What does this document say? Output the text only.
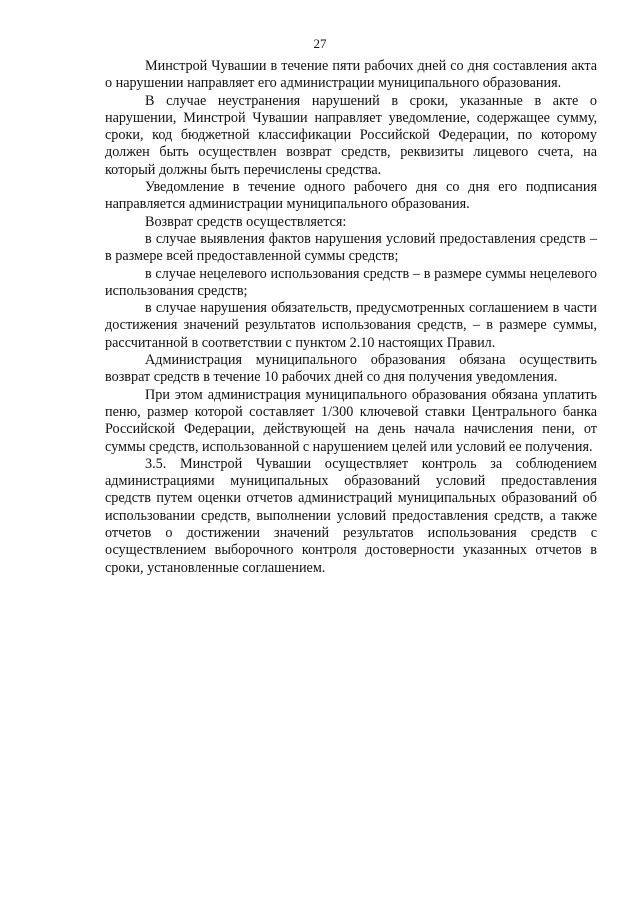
27

Минстрой Чувашии в течение пяти рабочих дней со дня составления акта о нарушении направляет его администрации муниципального образования.

В случае неустранения нарушений в сроки, указанные в акте о нарушении, Минстрой Чувашии направляет уведомление, содержащее сумму, сроки, код бюджетной классификации Российской Федерации, по которому должен быть осуществлен возврат средств, реквизиты лицевого счета, на который должны быть перечислены средства.

Уведомление в течение одного рабочего дня со дня его подписания направляется администрации муниципального образования.

Возврат средств осуществляется:

в случае выявления фактов нарушения условий предоставления средств – в размере всей предоставленной суммы средств;

в случае нецелевого использования средств – в размере суммы нецелевого использования средств;

в случае нарушения обязательств, предусмотренных соглашением в части достижения значений результатов использования средств, – в размере суммы, рассчитанной в соответствии с пунктом 2.10 настоящих Правил.

Администрация муниципального образования обязана осуществить возврат средств в течение 10 рабочих дней со дня получения уведомления.

При этом администрация муниципального образования обязана уплатить пеню, размер которой составляет 1/300 ключевой ставки Центрального банка Российской Федерации, действующей на день начала начисления пени, от суммы средств, использованной с нарушением целей или условий ее получения.

3.5. Минстрой Чувашии осуществляет контроль за соблюдением администрациями муниципальных образований условий предоставления средств путем оценки отчетов администраций муниципальных образований об использовании средств, выполнении условий предоставления средств, а также отчетов о достижении значений результатов использования средств с осуществлением выборочного контроля достоверности указанных отчетов в сроки, установленные соглашением.
